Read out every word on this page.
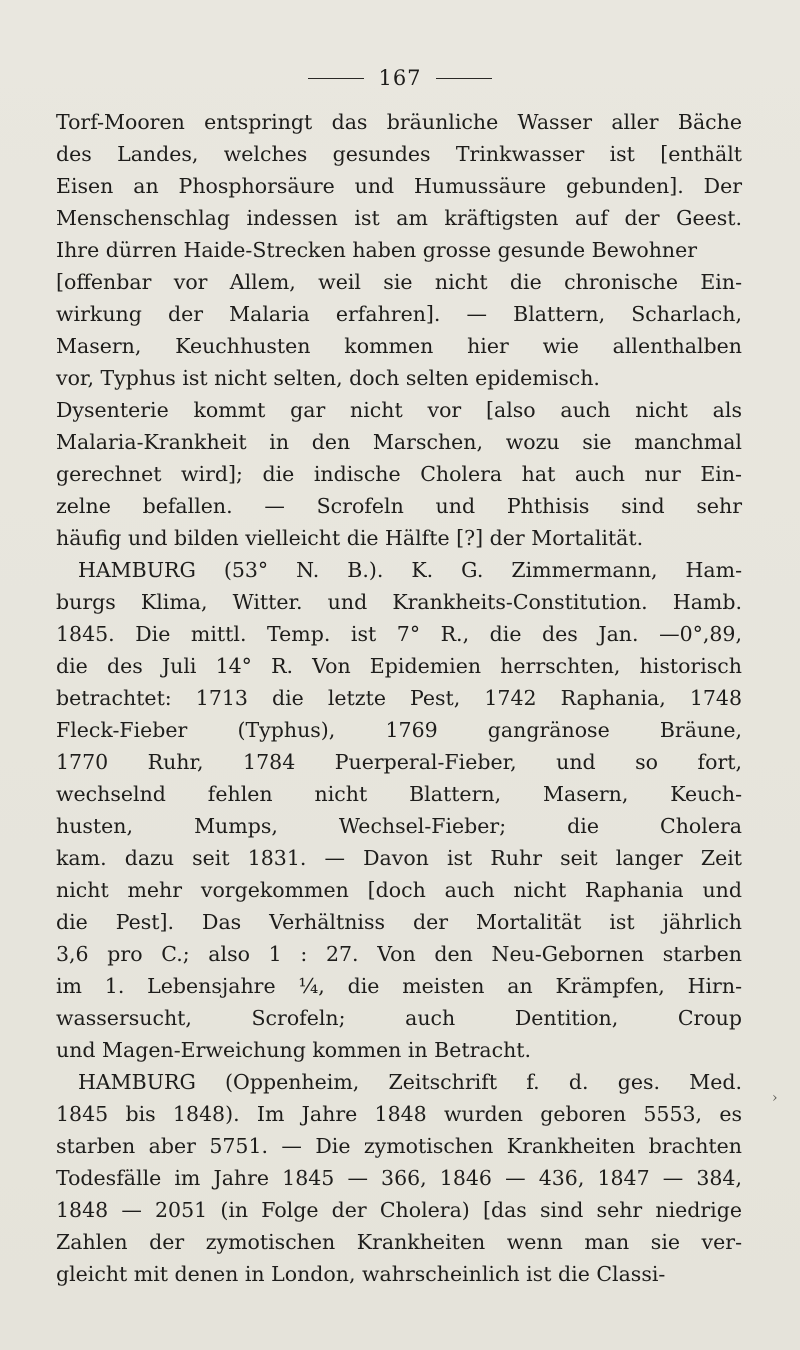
167
Torf-Mooren entspringt das bräunliche Wasser aller Bäche
des Landes, welches gesundes Trinkwasser ist [enthält
Eisen an Phosphorsäure und Humussäure gebunden]. Der
Menschenschlag indessen ist am kräftigsten auf der Geest.
Ihre dürren Haide-Strecken haben grosse gesunde Bewohner
[offenbar vor Allem, weil sie nicht die chronische Ein-
wirkung der Malaria erfahren]. — Blattern, Scharlach,
Masern, Keuchhusten kommen hier wie allenthalben
vor, Typhus ist nicht selten, doch selten epidemisch.
Dysenterie kommt gar nicht vor [also auch nicht als
Malaria-Krankheit in den Marschen, wozu sie manchmal
gerechnet wird]; die indische Cholera hat auch nur Ein-
zelne befallen. — Scrofeln und Phthisis sind sehr
häufig und bilden vielleicht die Hälfte [?] der Mortalität.
HAMBURG (53° N. B.). K. G. Zimmermann, Ham-
burgs Klima, Witter. und Krankheits-Constitution. Hamb.
1845. Die mittl. Temp. ist 7° R., die des Jan. —0°,89,
die des Juli 14° R. Von Epidemien herrschten, historisch
betrachtet: 1713 die letzte Pest, 1742 Raphania, 1748
Fleck-Fieber (Typhus), 1769 gangränose Bräune,
1770 Ruhr, 1784 Puerperal-Fieber, und so fort,
wechselnd fehlen nicht Blattern, Masern, Keuch-
husten, Mumps, Wechsel-Fieber; die Cholera
kam. dazu seit 1831. — Davon ist Ruhr seit langer Zeit
nicht mehr vorgekommen [doch auch nicht Raphania und
die Pest]. Das Verhältniss der Mortalität ist jährlich
3,6 pro C.; also 1 : 27. Von den Neu-Gebornen starben
im 1. Lebensjahre ¼, die meisten an Krämpfen, Hirn-
wassersucht, Scrofeln; auch Dentition, Croup
und Magen-Erweichung kommen in Betracht.
HAMBURG (Oppenheim, Zeitschrift f. d. ges. Med.
1845 bis 1848). Im Jahre 1848 wurden geboren 5553, es
starben aber 5751. — Die zymotischen Krankheiten brachten
Todesfälle im Jahre 1845 — 366, 1846 — 436, 1847 — 384,
1848 — 2051 (in Folge der Cholera) [das sind sehr niedrige
Zahlen der zymotischen Krankheiten wenn man sie ver-
gleicht mit denen in London, wahrscheinlich ist die Classi-
›
